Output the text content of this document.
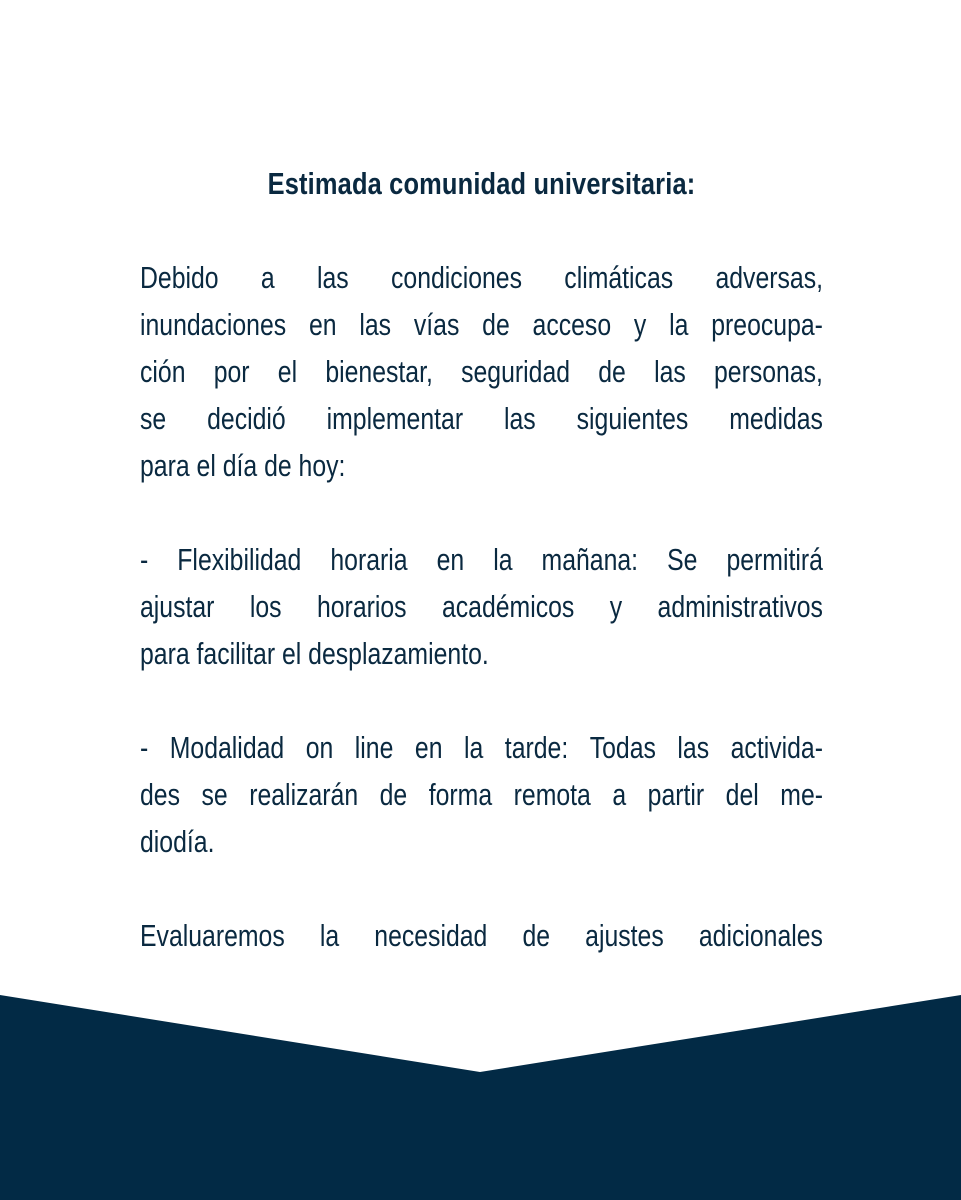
Estimada comunidad universitaria:

Debido a las condiciones climáticas adversas,
inundaciones en las vías de acceso y la preocupa-
ción por el bienestar, seguridad de las personas,
se decidió implementar las siguientes medidas
para el día de hoy:
- Flexibilidad horaria en la mañana: Se permitirá
ajustar los horarios académicos y administrativos
para facilitar el desplazamiento.
- Modalidad on line en la tarde: Todas las activida-
des se realizarán de forma remota a partir del me-
diodía.
Evaluaremos la necesidad de ajustes adicionales
